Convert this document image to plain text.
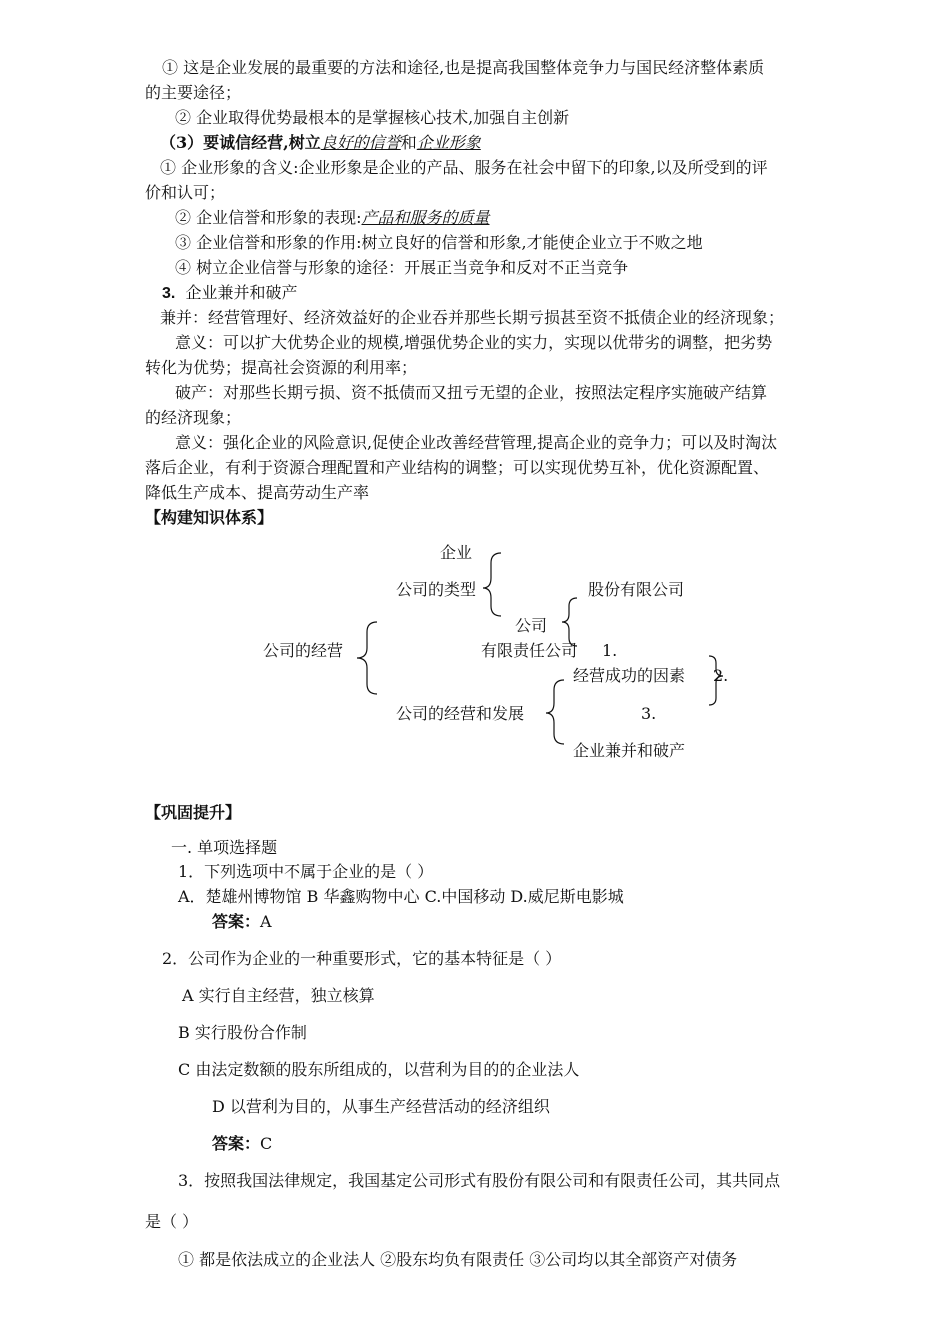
① 这是企业发展的最重要的方法和途径,也是提高我国整体竞争力与国民经济整体素质
的主要途径；
② 企业取得优势最根本的是掌握核心技术,加强自主创新
（3）要诚信经营,树立良好的信誉和企业形象
① 企业形象的含义:企业形象是企业的产品、服务在社会中留下的印象,以及所受到的评
价和认可；
② 企业信誉和形象的表现:产品和服务的质量
③ 企业信誉和形象的作用:树立良好的信誉和形象,才能使企业立于不败之地
④ 树立企业信誉与形象的途径：开展正当竞争和反对不正当竞争
3. 企业兼并和破产
兼并：经营管理好、经济效益好的企业吞并那些长期亏损甚至资不抵债企业的经济现象；
意义：可以扩大优势企业的规模,增强优势企业的实力，实现以优带劣的调整，把劣势
转化为优势；提高社会资源的利用率；
破产：对那些长期亏损、资不抵债而又扭亏无望的企业，按照法定程序实施破产结算
的经济现象；
意义：强化企业的风险意识,促使企业改善经营管理,提高企业的竞争力；可以及时淘汰
落后企业，有利于资源合理配置和产业结构的调整；可以实现优势互补，优化资源配置、
降低生产成本、提高劳动生产率
【构建知识体系】
企业
公司的类型	股份有限公司
公司
公司的经营	有限责任公司 1.
经营成功的因素 2.
公司的经营和发展	3.
企业兼并和破产
【巩固提升】
一. 单项选择题
1．下列选项中不属于企业的是（ ）
A．楚雄州博物馆 B 华鑫购物中心 C.中国移动 D.威尼斯电影城
答案：A
2．公司作为企业的一种重要形式，它的基本特征是（ ）
A 实行自主经营，独立核算
B 实行股份合作制
C 由法定数额的股东所组成的，以营利为目的的企业法人
D 以营利为目的，从事生产经营活动的经济组织
答案：C
3．按照我国法律规定，我国基定公司形式有股份有限公司和有限责任公司，其共同点
是（ ）
① 都是依法成立的企业法人 ②股东均负有限责任 ③公司均以其全部资产对债务
